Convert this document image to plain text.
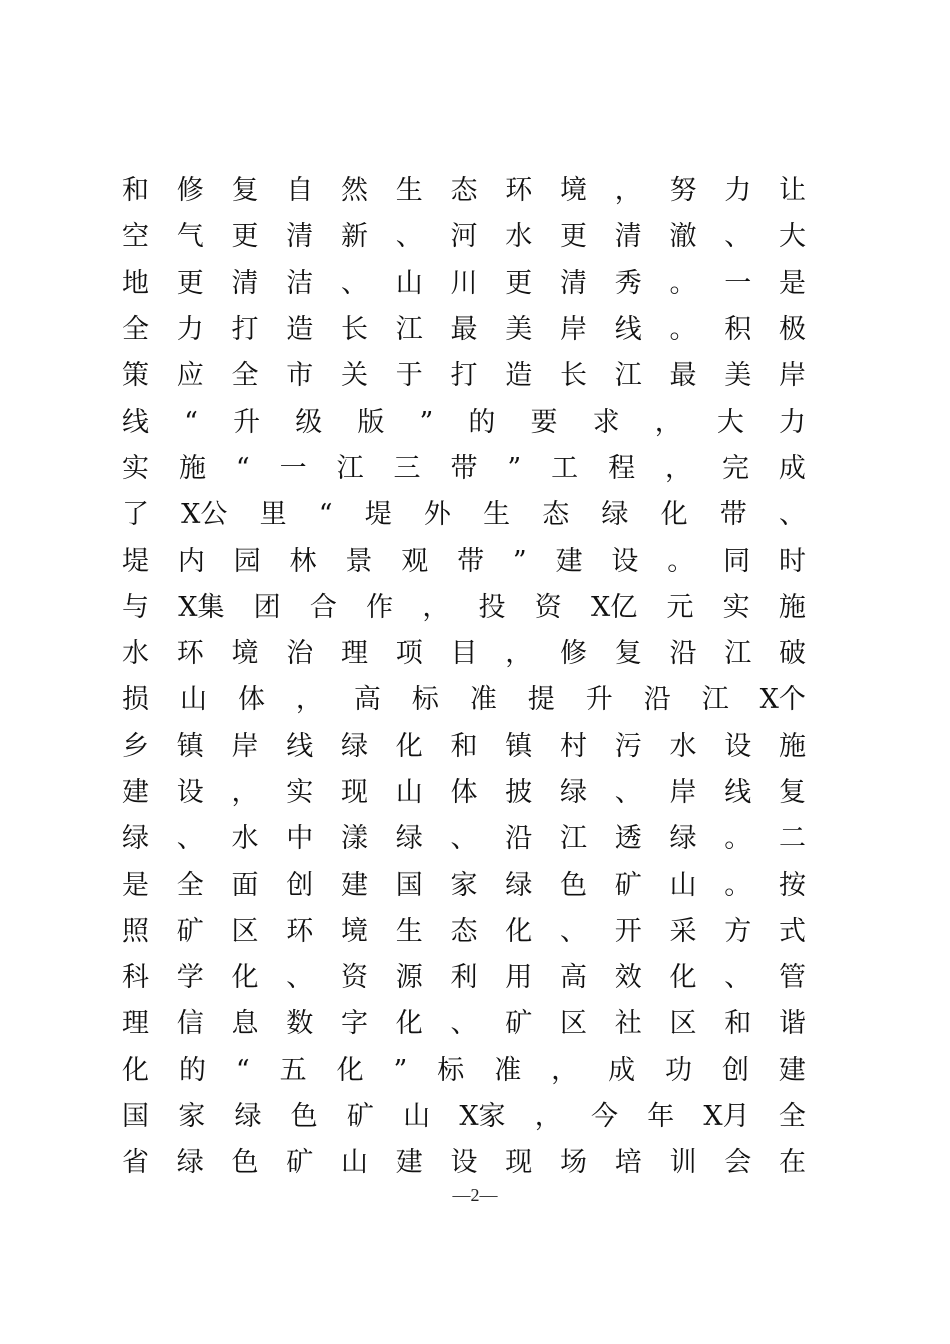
和 修 复 自 然 生 态 环 境 ， 努 力 让
空 气 更 清 新 、 河 水 更 清 澈 、 大
地 更 清 洁 、 山 川 更 清 秀 。 一 是
全 力 打 造 长 江 最 美 岸 线 。 积 极
策 应 全 市 关 于 打 造 长 江 最 美 岸
线 “ 升 级 版 ” 的 要 求 ， 大 力
实 施 “ 一 江 三 带 ” 工 程 ， 完 成
了 X公 里 “ 堤 外 生 态 绿 化 带 、
堤 内 园 林 景 观 带 ” 建 设 。 同 时
与 X集 团 合 作 ， 投 资 X亿 元 实 施
水 环 境 治 理 项 目 ， 修 复 沿 江 破
损 山 体 ， 高 标 准 提 升 沿 江 X个
乡 镇 岸 线 绿 化 和 镇 村 污 水 设 施
建 设 ， 实 现 山 体 披 绿 、 岸 线 复
绿 、 水 中 漾 绿 、 沿 江 透 绿 。 二
是 全 面 创 建 国 家 绿 色 矿 山 。 按
照 矿 区 环 境 生 态 化 、 开 采 方 式
科 学 化 、 资 源 利 用 高 效 化 、 管
理 信 息 数 字 化 、 矿 区 社 区 和 谐
化 的 “ 五 化 ” 标 准 ， 成 功 创 建
国 家 绿 色 矿 山 X家 ， 今 年 X月 全
省 绿 色 矿 山 建 设 现 场 培 训 会 在
—2—
